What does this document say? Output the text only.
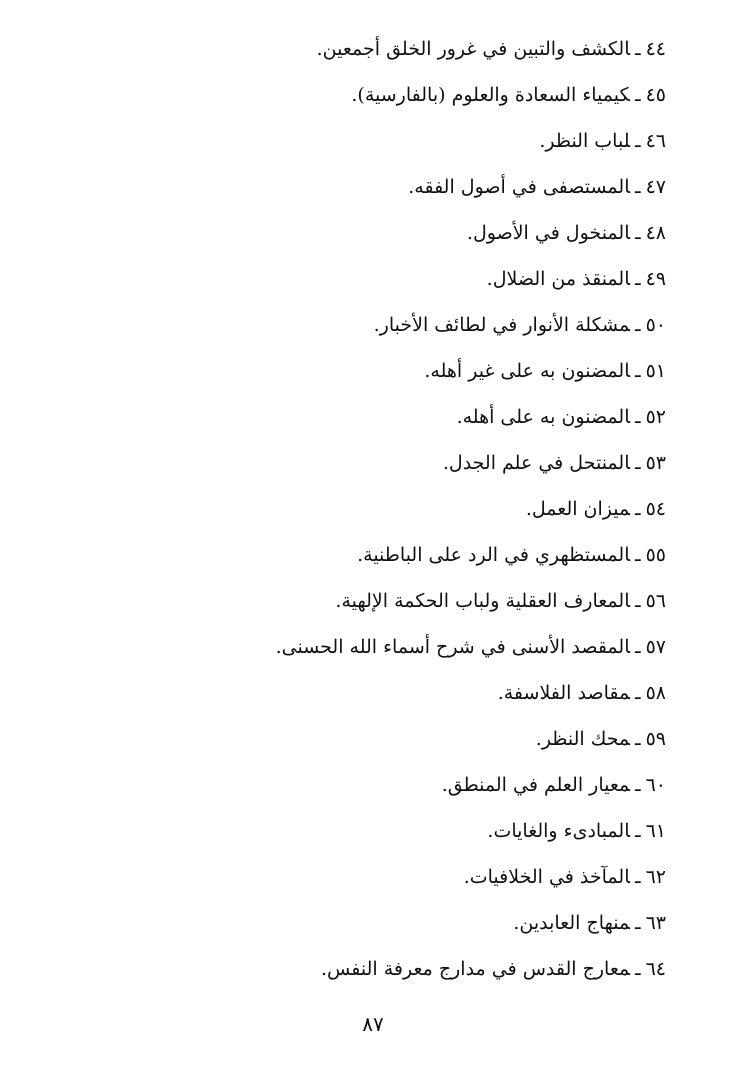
٤٤ـالكشف والتبين في غرور الخلق أجمعين.
٤٥ـكيمياء السعادة والعلوم (بالفارسية).
٤٦ـلباب النظر.
٤٧ـالمستصفى في أصول الفقه.
٤٨ـالمنخول في الأصول.
٤٩ـالمنقذ من الضلال.
٥٠ـمشكلة الأنوار في لطائف الأخبار.
٥١ـالمضنون به على غير أهله.
٥٢ـالمضنون به على أهله.
٥٣ـالمنتحل في علم الجدل.
٥٤ـميزان العمل.
٥٥ـالمستظهري في الرد على الباطنية.
٥٦ـالمعارف العقلية ولباب الحكمة الإلهية.
٥٧ـالمقصد الأسنى في شرح أسماء الله الحسنى.
٥٨ـمقاصد الفلاسفة.
٥٩ـمحك النظر.
٦٠ـمعيار العلم في المنطق.
٦١ـالمبادىء والغايات.
٦٢ـالمآخذ في الخلافيات.
٦٣ـمنهاج العابدين.
٦٤ـمعارج القدس في مدارج معرفة النفس.
٨٧
